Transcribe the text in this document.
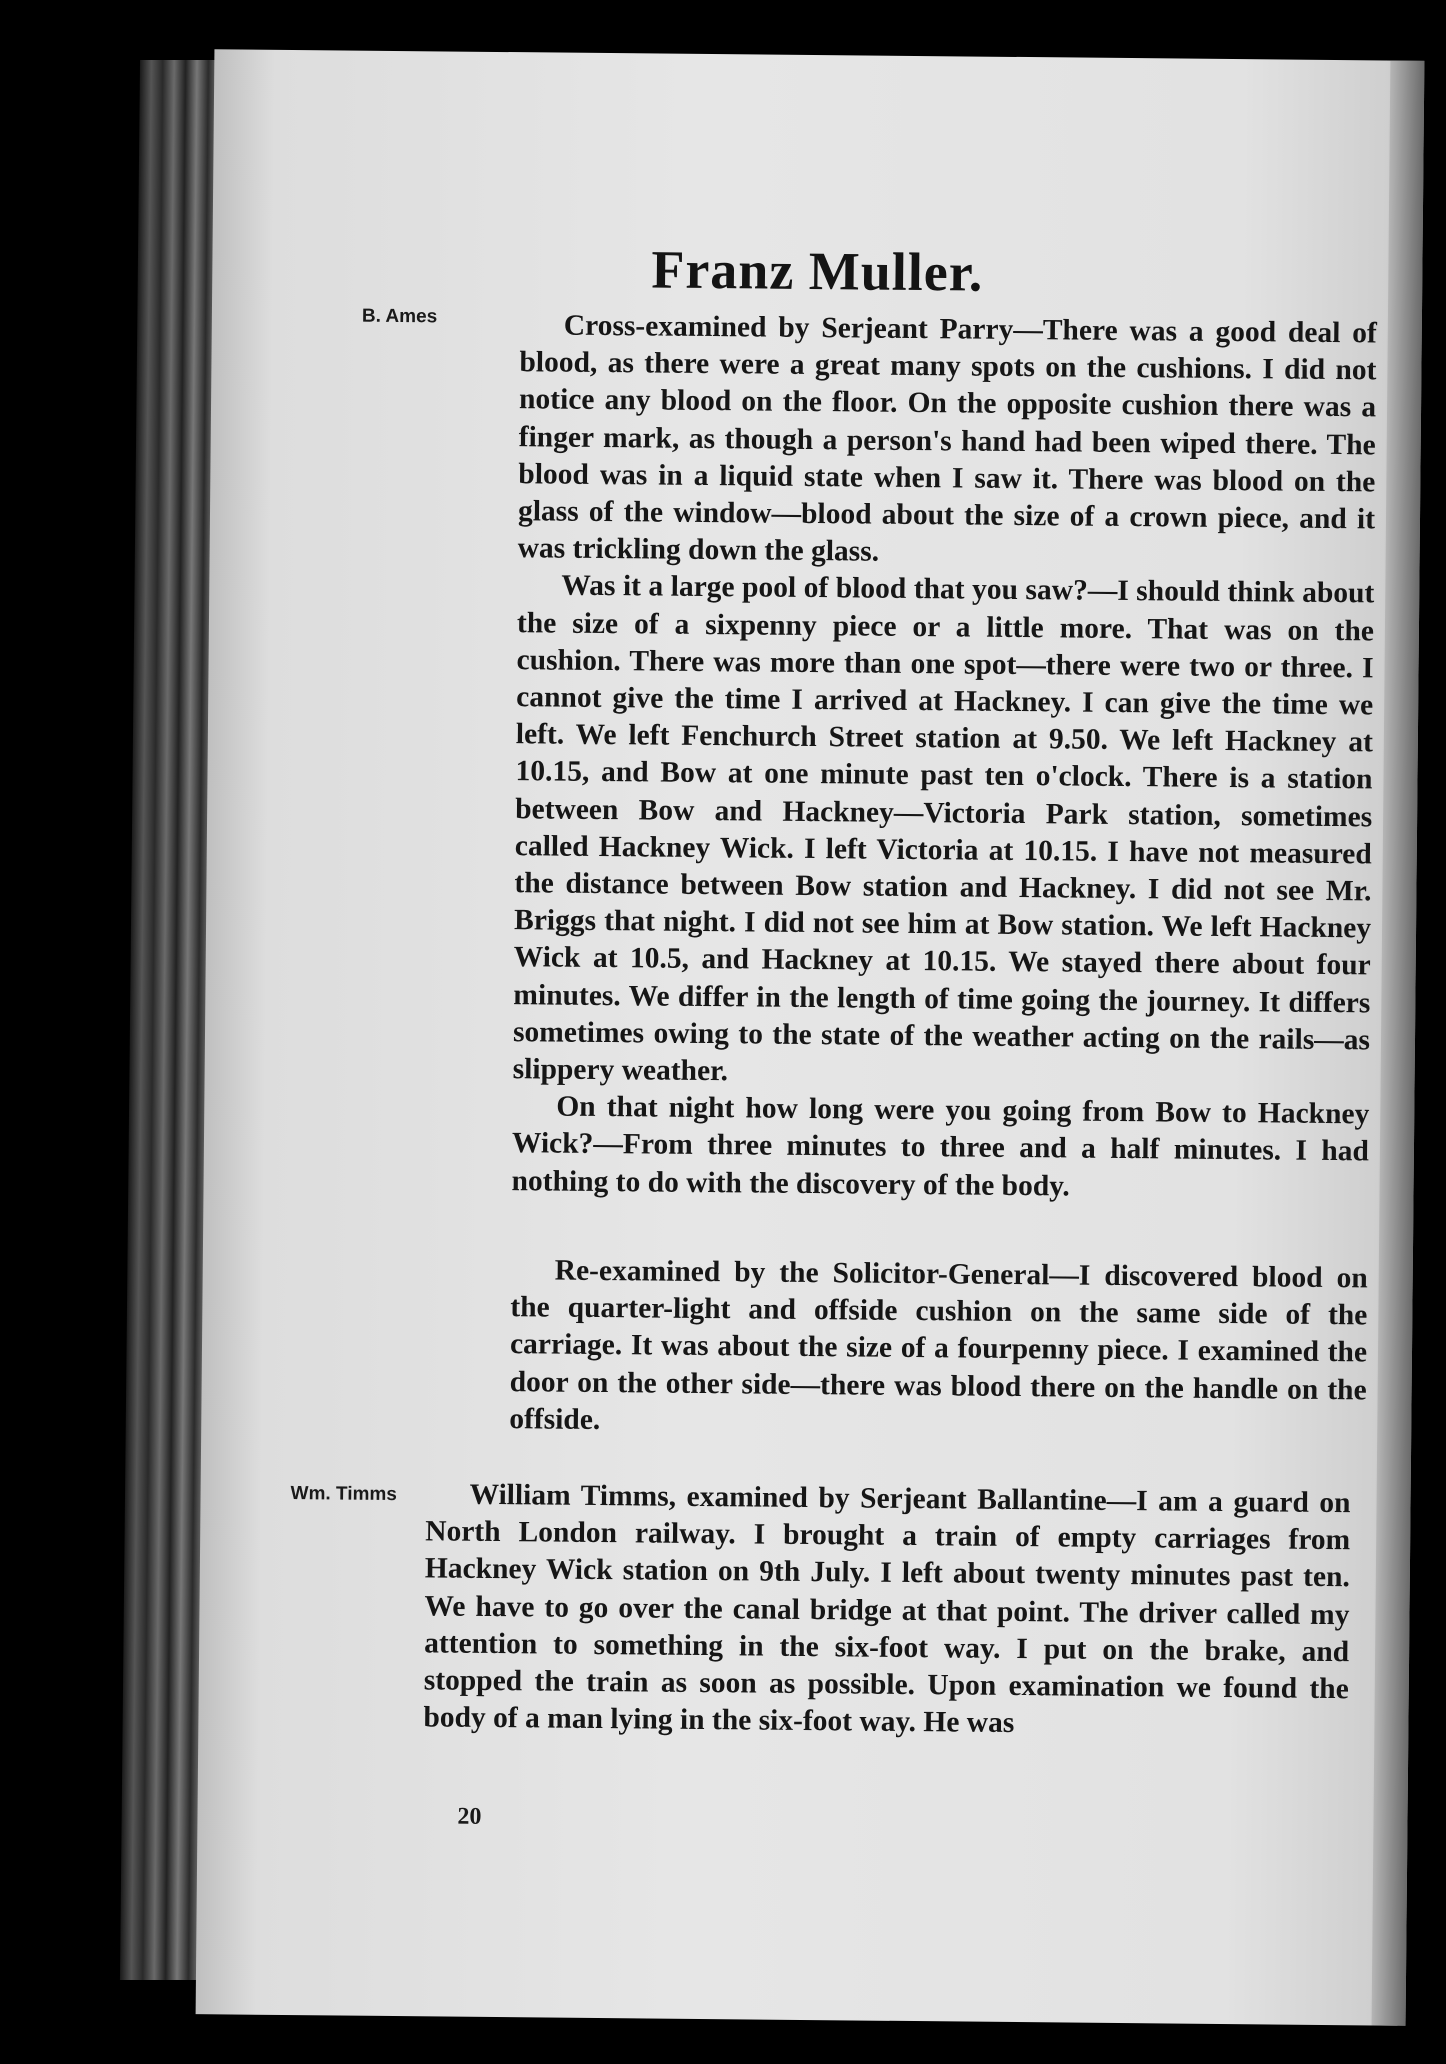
Franz Muller.
B. Ames	Cross-examined by Serjeant Parry—There was a good deal of blood, as there were a great many spots on the cushions. I did not notice any blood on the floor. On the opposite cushion there was a finger mark, as though a person's hand had been wiped there. The blood was in a liquid state when I saw it. There was blood on the glass of the window—blood about the size of a crown piece, and it was trickling down the glass.

Was it a large pool of blood that you saw?—I should think about the size of a sixpenny piece or a little more. That was on the cushion. There was more than one spot—there were two or three. I cannot give the time I arrived at Hackney. I can give the time we left. We left Fenchurch Street station at 9.50. We left Hackney at 10.15, and Bow at one minute past ten o'clock. There is a station between Bow and Hackney—Victoria Park station, sometimes called Hackney Wick. I left Victoria at 10.15. I have not measured the distance between Bow station and Hackney. I did not see Mr. Briggs that night. I did not see him at Bow station. We left Hackney Wick at 10.5, and Hackney at 10.15. We stayed there about four minutes. We differ in the length of time going the journey. It differs sometimes owing to the state of the weather acting on the rails—as slippery weather.

On that night how long were you going from Bow to Hackney Wick?—From three minutes to three and a half minutes. I had nothing to do with the discovery of the body.

Re-examined by the Solicitor-General—I discovered blood on the quarter-light and offside cushion on the same side of the carriage. It was about the size of a fourpenny piece. I examined the door on the other side—there was blood there on the handle on the offside.

Wm. Timms	William Timms, examined by Serjeant Ballantine—I am a guard on North London railway. I brought a train of empty carriages from Hackney Wick station on 9th July. I left about twenty minutes past ten. We have to go over the canal bridge at that point. The driver called my attention to something in the six-foot way. I put on the brake, and stopped the train as soon as possible. Upon examination we found the body of a man lying in the six-foot way. He was

20
